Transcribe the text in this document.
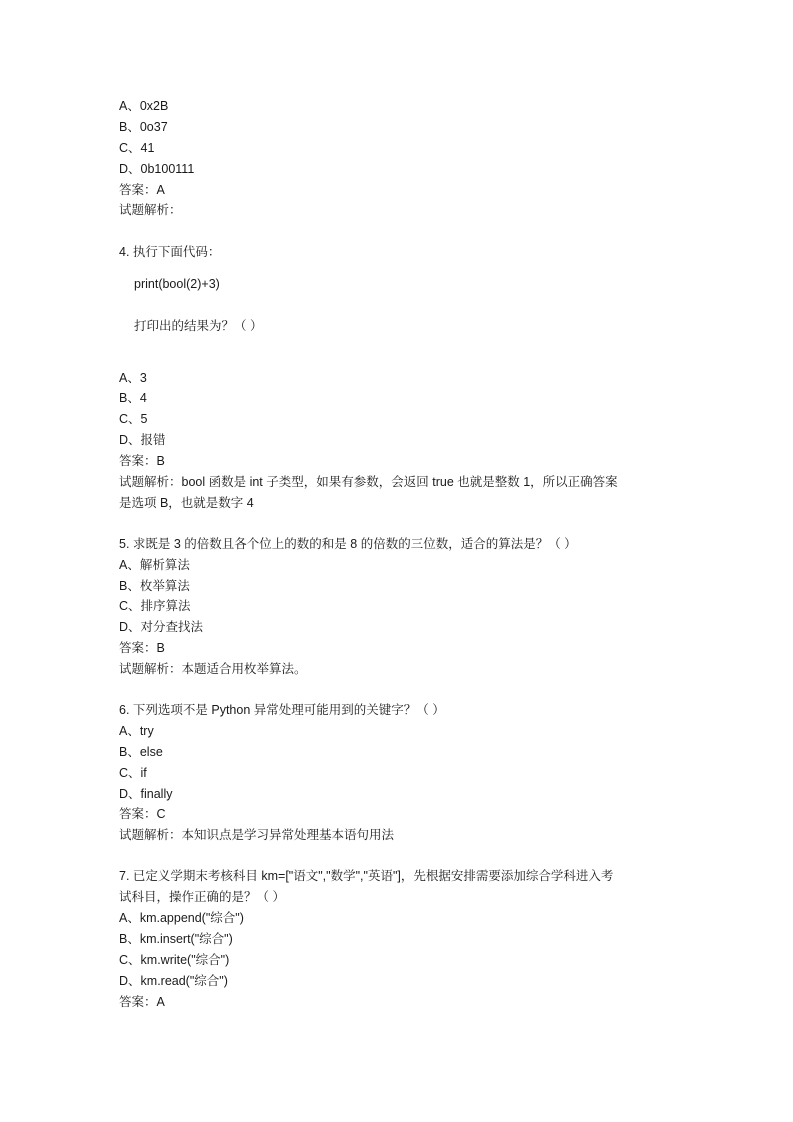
A、0x2B
B、0o37
C、41
D、0b100111
答案：A
试题解析：
4. 执行下面代码：
print(bool(2)+3)
打印出的结果为？（ ）
A、3
B、4
C、5
D、报错
答案：B
试题解析：bool 函数是 int 子类型，如果有参数，会返回 true 也就是整数 1，所以正确答案
是选项 B，也就是数字 4
5. 求既是 3 的倍数且各个位上的数的和是 8 的倍数的三位数，适合的算法是？（ ）
A、解析算法
B、枚举算法
C、排序算法
D、对分查找法
答案：B
试题解析：本题适合用枚举算法。
6. 下列选项不是 Python 异常处理可能用到的关键字？（ ）
A、try
B、else
C、if
D、finally
答案：C
试题解析：本知识点是学习异常处理基本语句用法
7. 已定义学期末考核科目 km=["语文","数学","英语"]，先根据安排需要添加综合学科进入考
试科目，操作正确的是？（ ）
A、km.append("综合")
B、km.insert("综合")
C、km.write("综合")
D、km.read("综合")
答案：A
